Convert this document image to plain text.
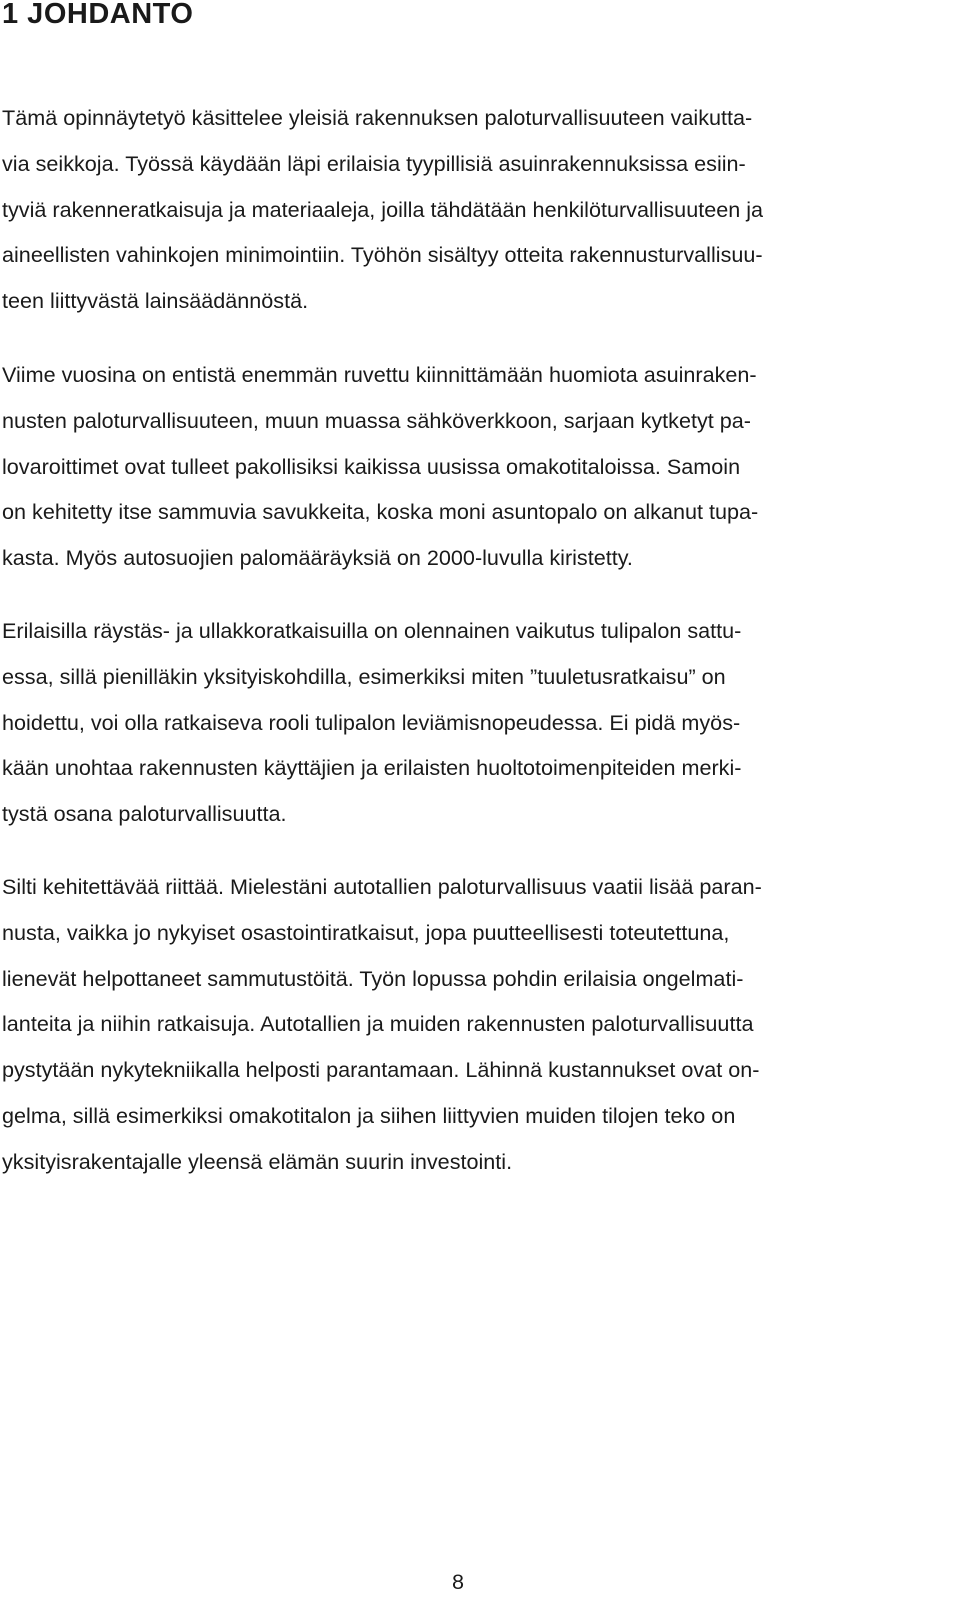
1 JOHDANTO

Tämä opinnäytetyö käsittelee yleisiä rakennuksen paloturvallisuuteen vaikutta-
via seikkoja. Työssä käydään läpi erilaisia tyypillisiä asuinrakennuksissa esiin-
tyviä rakenneratkaisuja ja materiaaleja, joilla tähdätään henkilöturvallisuuteen ja
aineellisten vahinkojen minimointiin. Työhön sisältyy otteita rakennusturvallisuu-
teen liittyvästä lainsäädännöstä.

Viime vuosina on entistä enemmän ruvettu kiinnittämään huomiota asuinraken-
nusten paloturvallisuuteen, muun muassa sähköverkkoon, sarjaan kytketyt pa-
lovaroittimet ovat tulleet pakollisiksi kaikissa uusissa omakotitaloissa. Samoin
on kehitetty itse sammuvia savukkeita, koska moni asuntopalo on alkanut tupa-
kasta. Myös autosuojien palomääräyksiä on 2000-luvulla kiristetty.

Erilaisilla räystäs- ja ullakkoratkaisuilla on olennainen vaikutus tulipalon sattu-
essa, sillä pienilläkin yksityiskohdilla, esimerkiksi miten ”tuuletusratkaisu” on
hoidettu, voi olla ratkaiseva rooli tulipalon leviämisnopeudessa. Ei pidä myös-
kään unohtaa rakennusten käyttäjien ja erilaisten huoltotoimenpiteiden merki-
tystä osana paloturvallisuutta.

Silti kehitettävää riittää. Mielestäni autotallien paloturvallisuus vaatii lisää paran-
nusta, vaikka jo nykyiset osastointiratkaisut, jopa puutteellisesti toteutettuna,
lienevät helpottaneet sammutustöitä. Työn lopussa pohdin erilaisia ongelmati-
lanteita ja niihin ratkaisuja. Autotallien ja muiden rakennusten paloturvallisuutta
pystytään nykytekniikalla helposti parantamaan. Lähinnä kustannukset ovat on-
gelma, sillä esimerkiksi omakotitalon ja siihen liittyvien muiden tilojen teko on
yksityisrakentajalle yleensä elämän suurin investointi.

8
